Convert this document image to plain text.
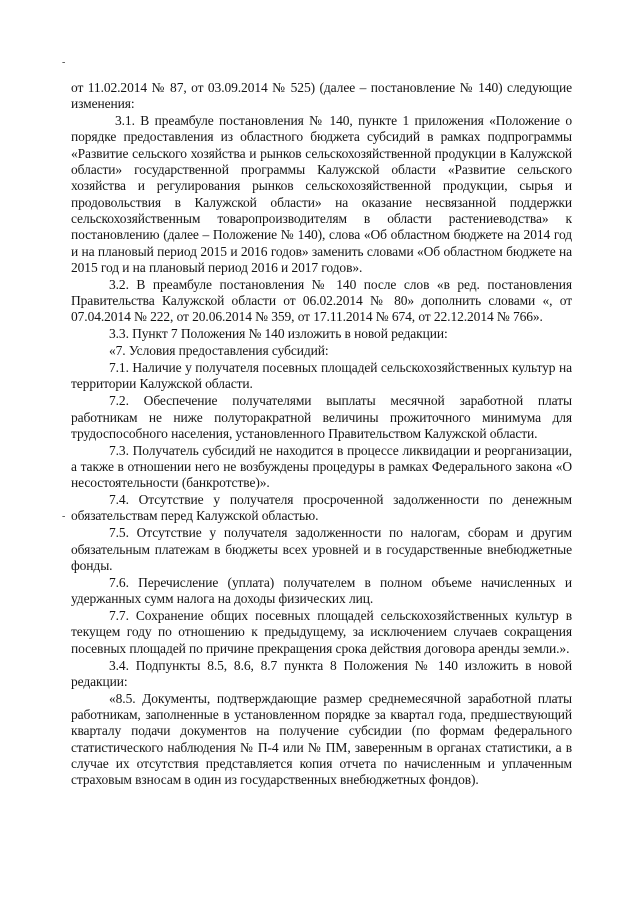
-
-

от 11.02.2014 № 87, от 03.09.2014 № 525) (далее – постановление № 140) следующие изменения:

3.1. В преамбуле постановления № 140, пункте 1 приложения «Положение о порядке предоставления из областного бюджета субсидий в рамках подпрограммы «Развитие сельского хозяйства и рынков сельскохозяйственной продукции в Калужской области» государственной программы Калужской области «Развитие сельского хозяйства и регулирования рынков сельскохозяйственной продукции, сырья и продовольствия в Калужской области» на оказание несвязанной поддержки сельскохозяйственным товаропроизводителям в области растениеводства» к постановлению (далее – Положение № 140), слова «Об областном бюджете на 2014 год и на плановый период 2015 и 2016 годов» заменить словами «Об областном бюджете на 2015 год и на плановый период 2016 и 2017 годов».

3.2. В преамбуле постановления № 140 после слов «в ред. постановления Правительства Калужской области от 06.02.2014 № 80» дополнить словами «, от 07.04.2014 № 222, от 20.06.2014 № 359, от 17.11.2014 № 674, от 22.12.2014 № 766».

3.3. Пункт 7 Положения № 140 изложить в новой редакции:

«7. Условия предоставления субсидий:

7.1. Наличие у получателя посевных площадей сельскохозяйственных культур на территории Калужской области.

7.2. Обеспечение получателями выплаты месячной заработной платы работникам не ниже полуторакратной величины прожиточного минимума для трудоспособного населения, установленного Правительством Калужской области.

7.3. Получатель субсидий не находится в процессе ликвидации и реорганизации, а также в отношении него не возбуждены процедуры в рамках Федерального закона «О несостоятельности (банкротстве)».

7.4. Отсутствие у получателя просроченной задолженности по денежным обязательствам перед Калужской областью.

7.5. Отсутствие у получателя задолженности по налогам, сборам и другим обязательным платежам в бюджеты всех уровней и в государственные внебюджетные фонды.

7.6. Перечисление (уплата) получателем в полном объеме начисленных и удержанных сумм налога на доходы физических лиц.

7.7. Сохранение общих посевных площадей сельскохозяйственных культур в текущем году по отношению к предыдущему, за исключением случаев сокращения посевных площадей по причине прекращения срока действия договора аренды земли.».

3.4. Подпункты 8.5, 8.6, 8.7 пункта 8 Положения № 140 изложить в новой редакции:

«8.5. Документы, подтверждающие размер среднемесячной заработной платы работникам, заполненные в установленном порядке за квартал года, предшествующий кварталу подачи документов на получение субсидии (по формам федерального статистического наблюдения № П-4 или № ПМ, заверенным в органах статистики, а в случае их отсутствия представляется копия отчета по начисленным и уплаченным страховым взносам в один из государственных внебюджетных фондов).
